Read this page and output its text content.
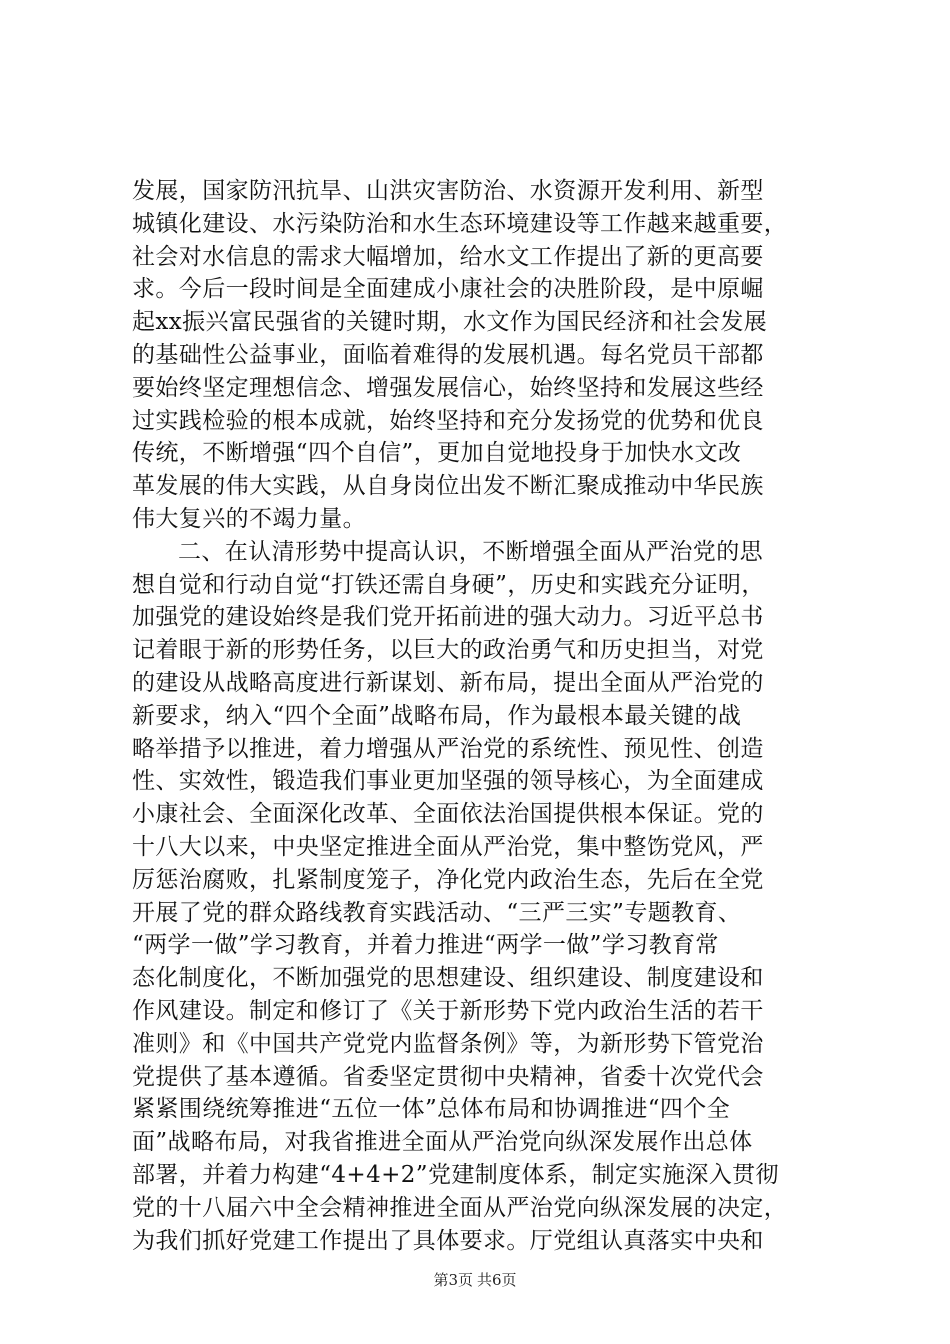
发展，国家防汛抗旱、山洪灾害防治、水资源开发利用、新型
城镇化建设、水污染防治和水生态环境建设等工作越来越重要，
社会对水信息的需求大幅增加，给水文工作提出了新的更高要
求。今后一段时间是全面建成小康社会的决胜阶段，是中原崛
起xx振兴富民强省的关键时期，水文作为国民经济和社会发展
的基础性公益事业，面临着难得的发展机遇。每名党员干部都
要始终坚定理想信念、增强发展信心，始终坚持和发展这些经
过实践检验的根本成就，始终坚持和充分发扬党的优势和优良
传统，不断增强“四个自信”，更加自觉地投身于加快水文改
革发展的伟大实践，从自身岗位出发不断汇聚成推动中华民族
伟大复兴的不竭力量。
二、在认清形势中提高认识，不断增强全面从严治党的思
想自觉和行动自觉“打铁还需自身硬”，历史和实践充分证明，
加强党的建设始终是我们党开拓前进的强大动力。习近平总书
记着眼于新的形势任务，以巨大的政治勇气和历史担当，对党
的建设从战略高度进行新谋划、新布局，提出全面从严治党的
新要求，纳入“四个全面”战略布局，作为最根本最关键的战
略举措予以推进，着力增强从严治党的系统性、预见性、创造
性、实效性，锻造我们事业更加坚强的领导核心，为全面建成
小康社会、全面深化改革、全面依法治国提供根本保证。党的
十八大以来，中央坚定推进全面从严治党，集中整饬党风，严
厉惩治腐败，扎紧制度笼子，净化党内政治生态，先后在全党
开展了党的群众路线教育实践活动、“三严三实”专题教育、
“两学一做”学习教育，并着力推进“两学一做”学习教育常
态化制度化，不断加强党的思想建设、组织建设、制度建设和
作风建设。制定和修订了《关于新形势下党内政治生活的若干
准则》和《中国共产党党内监督条例》等，为新形势下管党治
党提供了基本遵循。省委坚定贯彻中央精神，省委十次党代会
紧紧围绕统筹推进“五位一体”总体布局和协调推进“四个全
面”战略布局，对我省推进全面从严治党向纵深发展作出总体
部署，并着力构建“4+4+2”党建制度体系，制定实施深入贯彻
党的十八届六中全会精神推进全面从严治党向纵深发展的决定，
为我们抓好党建工作提出了具体要求。厅党组认真落实中央和
第3页 共6页
